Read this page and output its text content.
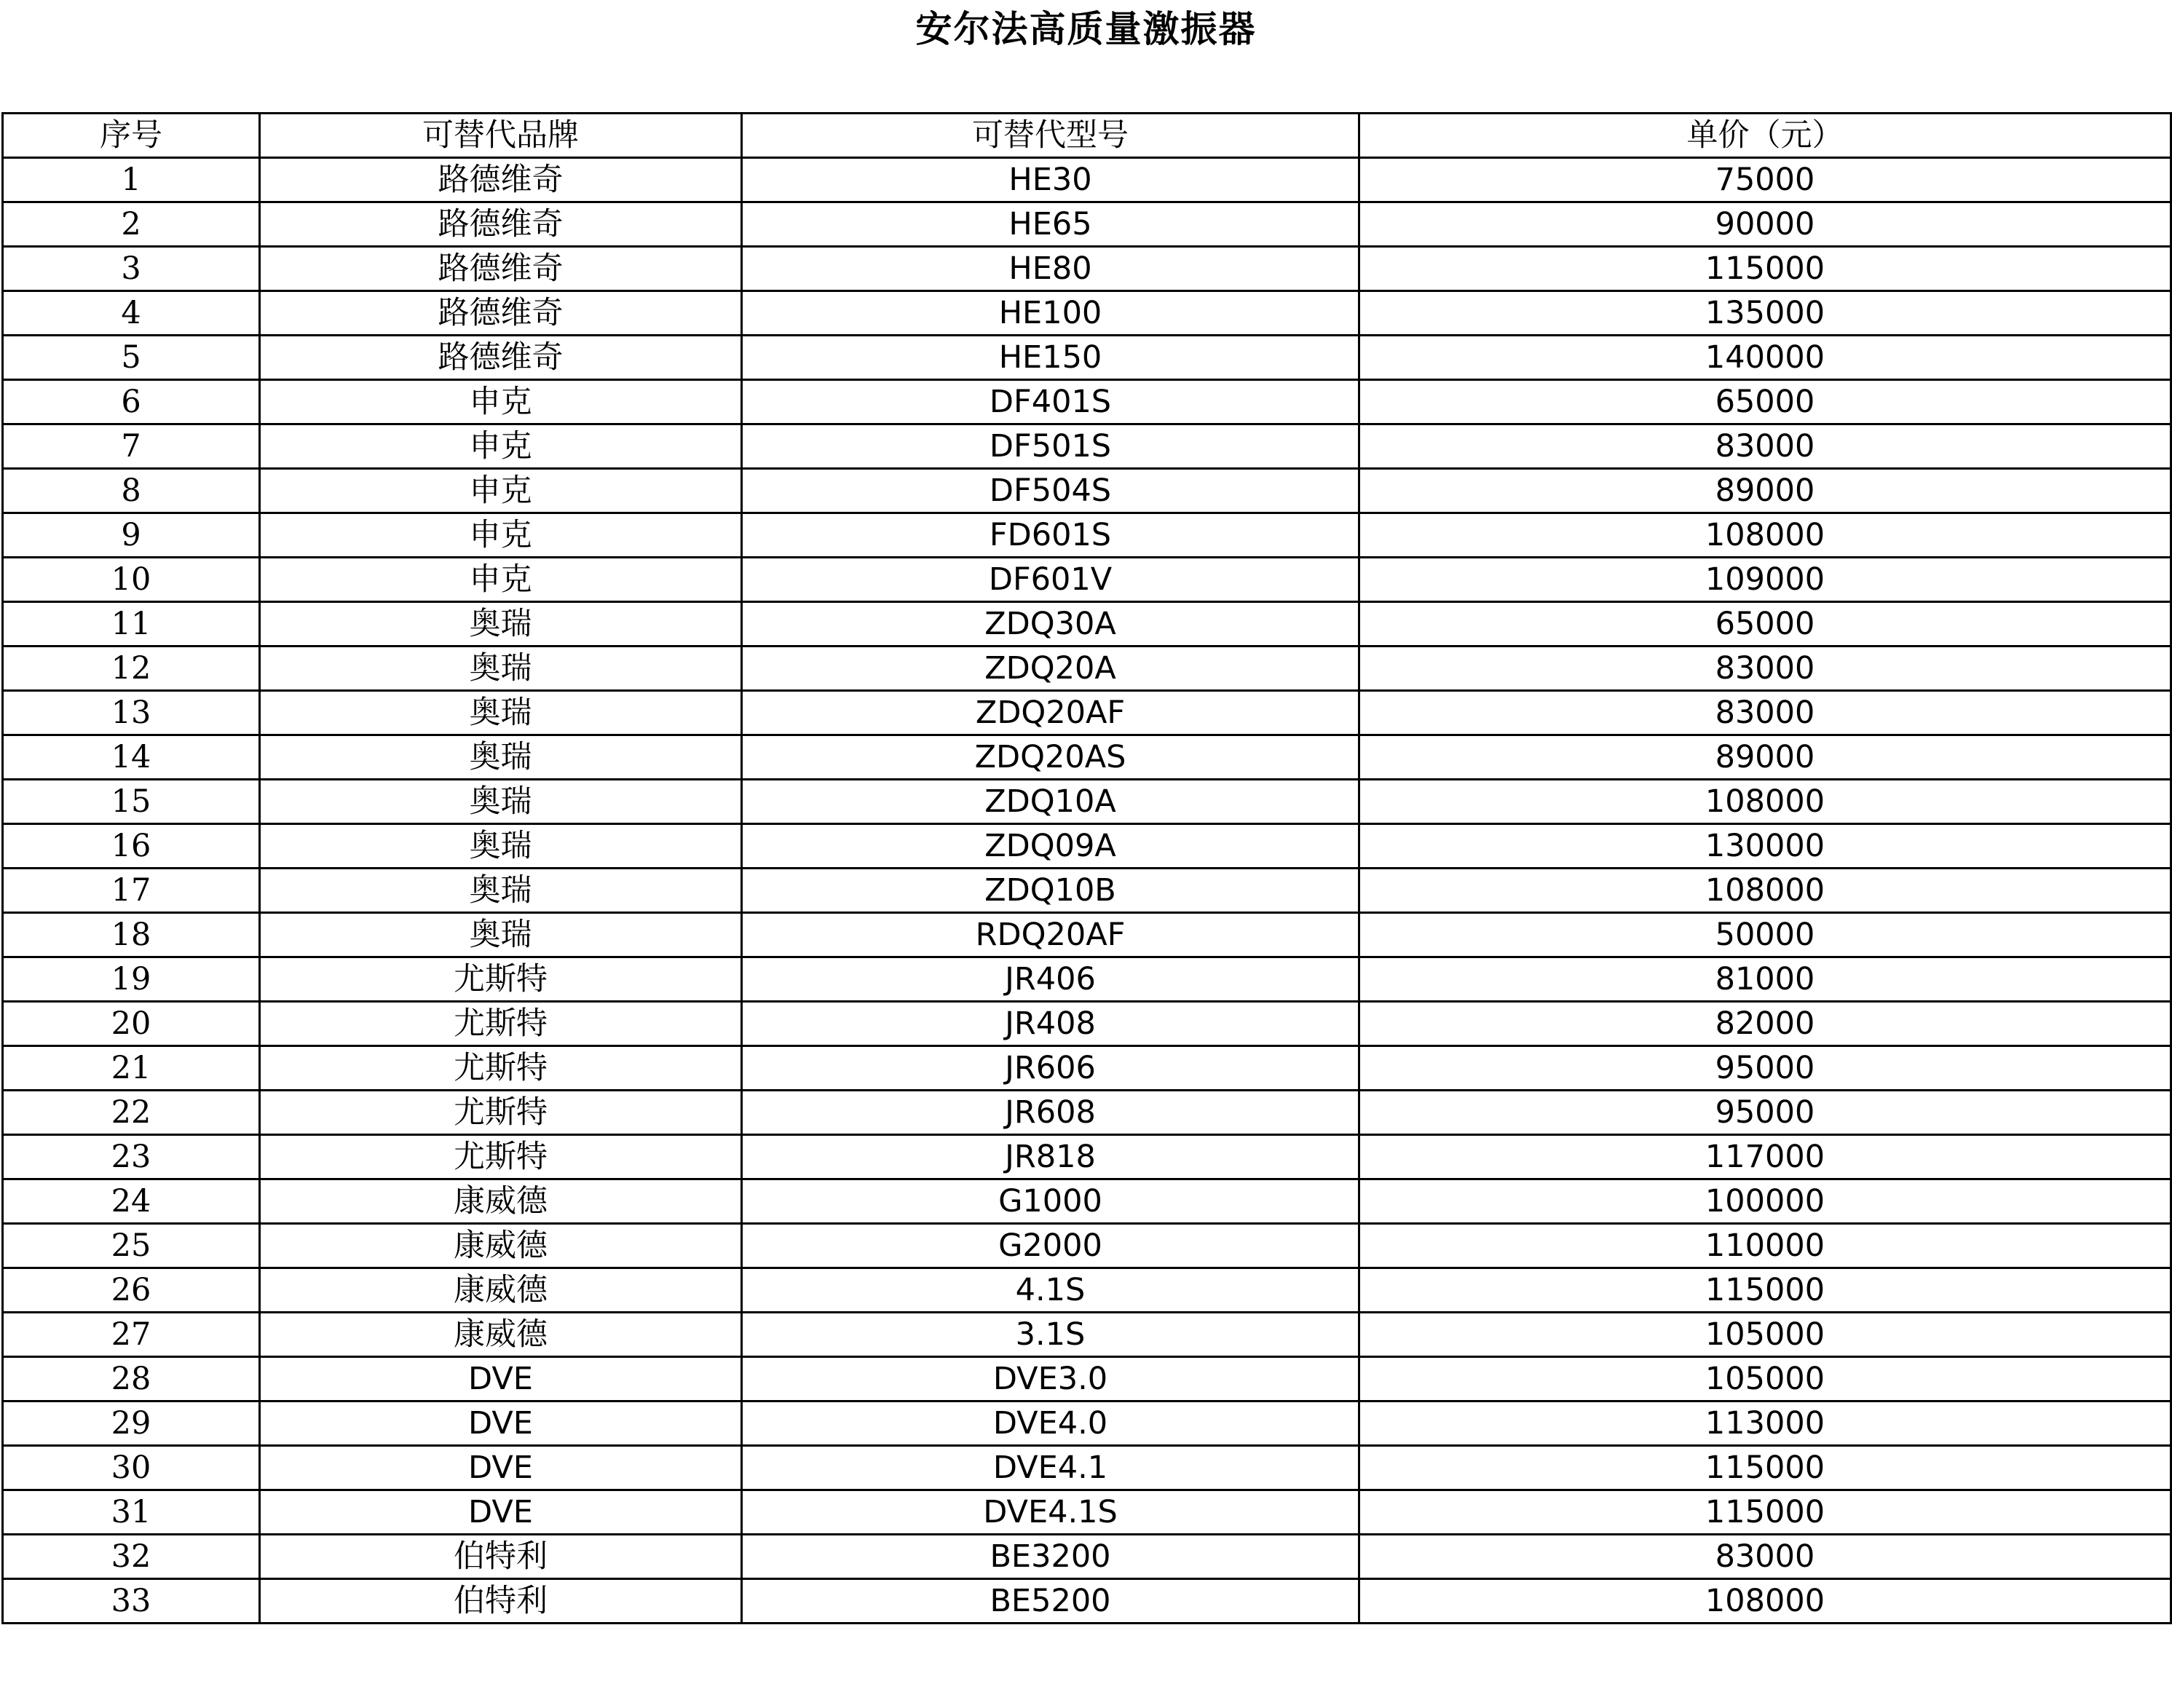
安尔法高质量激振器
序号	可替代品牌	可替代型号	单价（元）
1	路德维奇	HE30	75000
2	路德维奇	HE65	90000
3	路德维奇	HE80	115000
4	路德维奇	HE100	135000
5	路德维奇	HE150	140000
6	申克	DF401S	65000
7	申克	DF501S	83000
8	申克	DF504S	89000
9	申克	FD601S	108000
10	申克	DF601V	109000
11	奥瑞	ZDQ30A	65000
12	奥瑞	ZDQ20A	83000
13	奥瑞	ZDQ20AF	83000
14	奥瑞	ZDQ20AS	89000
15	奥瑞	ZDQ10A	108000
16	奥瑞	ZDQ09A	130000
17	奥瑞	ZDQ10B	108000
18	奥瑞	RDQ20AF	50000
19	尤斯特	JR406	81000
20	尤斯特	JR408	82000
21	尤斯特	JR606	95000
22	尤斯特	JR608	95000
23	尤斯特	JR818	117000
24	康威德	G1000	100000
25	康威德	G2000	110000
26	康威德	4.1S	115000
27	康威德	3.1S	105000
28	DVE	DVE3.0	105000
29	DVE	DVE4.0	113000
30	DVE	DVE4.1	115000
31	DVE	DVE4.1S	115000
32	伯特利	BE3200	83000
33	伯特利	BE5200	108000
